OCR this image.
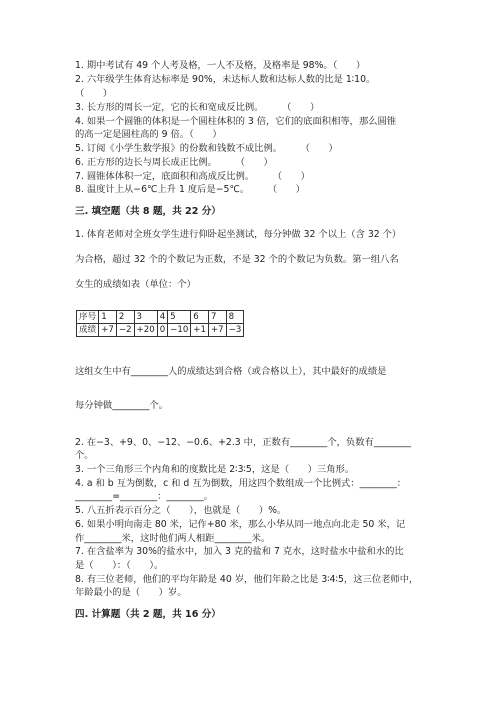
1. 期中考试有 49 个人考及格，一人不及格，及格率是 98%。（　　）
2. 六年级学生体育达标率是 90%，未达标人数和达标人数的比是 1∶10。
（　　）
3. 长方形的周长一定，它的长和宽成反比例。　　　（　　）
4. 如果一个圆锥的体积是一个圆柱体积的 3 倍，它们的底面积相等，那么圆锥
的高一定是圆柱高的 9 倍。（　　）
5. 订阅《小学生数学报》的份数和钱数不成比例。　　　（　　）
6. 正方形的边长与周长成正比例。　　　（　　）
7. 圆锥体体积一定，底面积和高成反比例。　　　（　　）
8. 温度计上从−6℃上升 1 度后是−5℃。　　　（　　）
三. 填空题（共 8 题，共 22 分）
1. 体育老师对全班女学生进行仰卧起坐测试，每分钟做 32 个以上（含 32 个）
为合格，超过 32 个的个数记为正数，不是 32 个的个数记为负数。第一组八名
女生的成绩如表（单位：个）
序号	1	2	3	4	5	6	7	8
成绩	+7	−2	+20	0	−10	+1	+7	−3
这组女生中有________人的成绩达到合格（或合格以上），其中最好的成绩是
每分钟做________个。
2. 在−3、+9、0、−12、−0.6、+2.3 中，正数有________个，负数有________
个。
3. 一个三角形三个内角和的度数比是 2∶3∶5，这是（　　）三角形。
4. a 和 b 互为倒数，c 和 d 互为倒数，用这四个数组成一个比例式：________：
________=________：________。
5. 八五折表示百分之（　　），也就是（　　）%。
6. 如果小明向南走 80 米，记作+80 米，那么小华从同一地点向北走 50 米，记
作________米，这时他们两人相距________米。
7. 在含盐率为 30%的盐水中，加入 3 克的盐和 7 克水，这时盐水中盐和水的比
是（　　）：（　　）。
8. 有三位老师，他们的平均年龄是 40 岁，他们年龄之比是 3∶4∶5，这三位老师中，
年龄最小的是（　　）岁。
四. 计算题（共 2 题，共 16 分）
